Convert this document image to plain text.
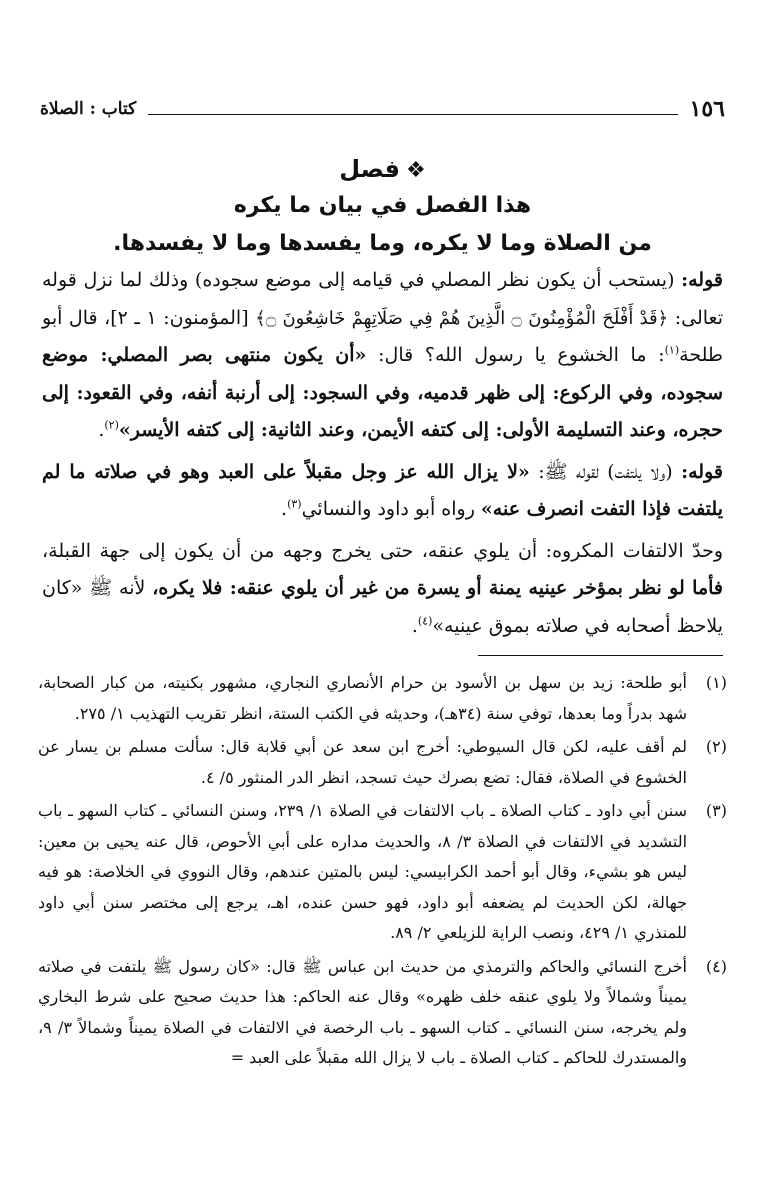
١٥٦
كتاب : الصلاة
❖فصل
هذا الفصل في بيان ما يكره
من الصلاة وما لا يكره، وما يفسدها وما لا يفسدها.

قوله: (يستحب أن يكون نظر المصلي في قيامه إلى موضع سجوده) وذلك لما نزل قوله تعالى: ﴿قَدْ أَفْلَحَ الْمُؤْمِنُونَ ۝ الَّذِينَ هُمْ فِي صَلَاتِهِمْ خَاشِعُونَ ۝﴾ [المؤمنون: ١ ـ ٢]، قال أبو طلحة$^{(١)}$: ما الخشوع يا رسول الله؟ قال: «أن يكون منتهى بصر المصلي: موضع سجوده، وفي الركوع: إلى ظهر قدميه، وفي السجود: إلى أرنبة أنفه، وفي القعود: إلى حجره، وعند التسليمة الأولى: إلى كتفه الأيمن، وعند الثانية: إلى كتفه الأيسر»$^{(٢)}$.

قوله: (ولا يلتفت) لقوله ﷺ: «لا يزال الله عز وجل مقبلاً على العبد وهو في صلاته ما لم يلتفت فإذا التفت انصرف عنه» رواه أبو داود والنسائي$^{(٣)}$.

وحدّ الالتفات المكروه: أن يلوي عنقه، حتى يخرج وجهه من أن يكون إلى جهة القبلة، فأما لو نظر بمؤخر عينيه يمنة أو يسرة من غير أن يلوي عنقه: فلا يكره، لأنه ﷺ «كان يلاحظ أصحابه في صلاته بموق عينيه»$^{(٤)}$.

(١)
أبو طلحة: زيد بن سهل بن الأسود بن حرام الأنصاري النجاري، مشهور بكنيته، من كبار الصحابة، شهد بدراً وما بعدها، توفي سنة (٣٤هـ)، وحديثه في الكتب الستة، انظر تقريب التهذيب ١/ ٢٧٥.
(٢)
لم أقف عليه، لكن قال السيوطي: أخرج ابن سعد عن أبي قلابة قال: سألت مسلم بن يسار عن الخشوع في الصلاة، فقال: تضع بصرك حيث تسجد، انظر الدر المنثور ٥/ ٤.
(٣)
سنن أبي داود ـ كتاب الصلاة ـ باب الالتفات في الصلاة ١/ ٢٣٩، وسنن النسائي ـ كتاب السهو ـ باب التشديد في الالتفات في الصلاة ٣/ ٨، والحديث مداره على أبي الأحوص، قال عنه يحيى بن معين: ليس هو بشيء، وقال أبو أحمد الكرابيسي: ليس بالمتين عندهم، وقال النووي في الخلاصة: هو فيه جهالة، لكن الحديث لم يضعفه أبو داود، فهو حسن عنده، اهـ، يرجع إلى مختصر سنن أبي داود للمنذري ١/ ٤٢٩، ونصب الراية للزيلعي ٢/ ٨٩.
(٤)
أخرج النسائي والحاكم والترمذي من حديث ابن عباس ﷺ قال: «كان رسول ﷺ يلتفت في صلاته يميناً وشمالاً ولا يلوي عنقه خلف ظهره» وقال عنه الحاكم: هذا حديث صحيح على شرط البخاري ولم يخرجه، سنن النسائي ـ كتاب السهو ـ باب الرخصة في الالتفات في الصلاة يميناً وشمالاً ٣/ ٩، والمستدرك للحاكم ـ كتاب الصلاة ـ باب لا يزال الله مقبلاً على العبد =
